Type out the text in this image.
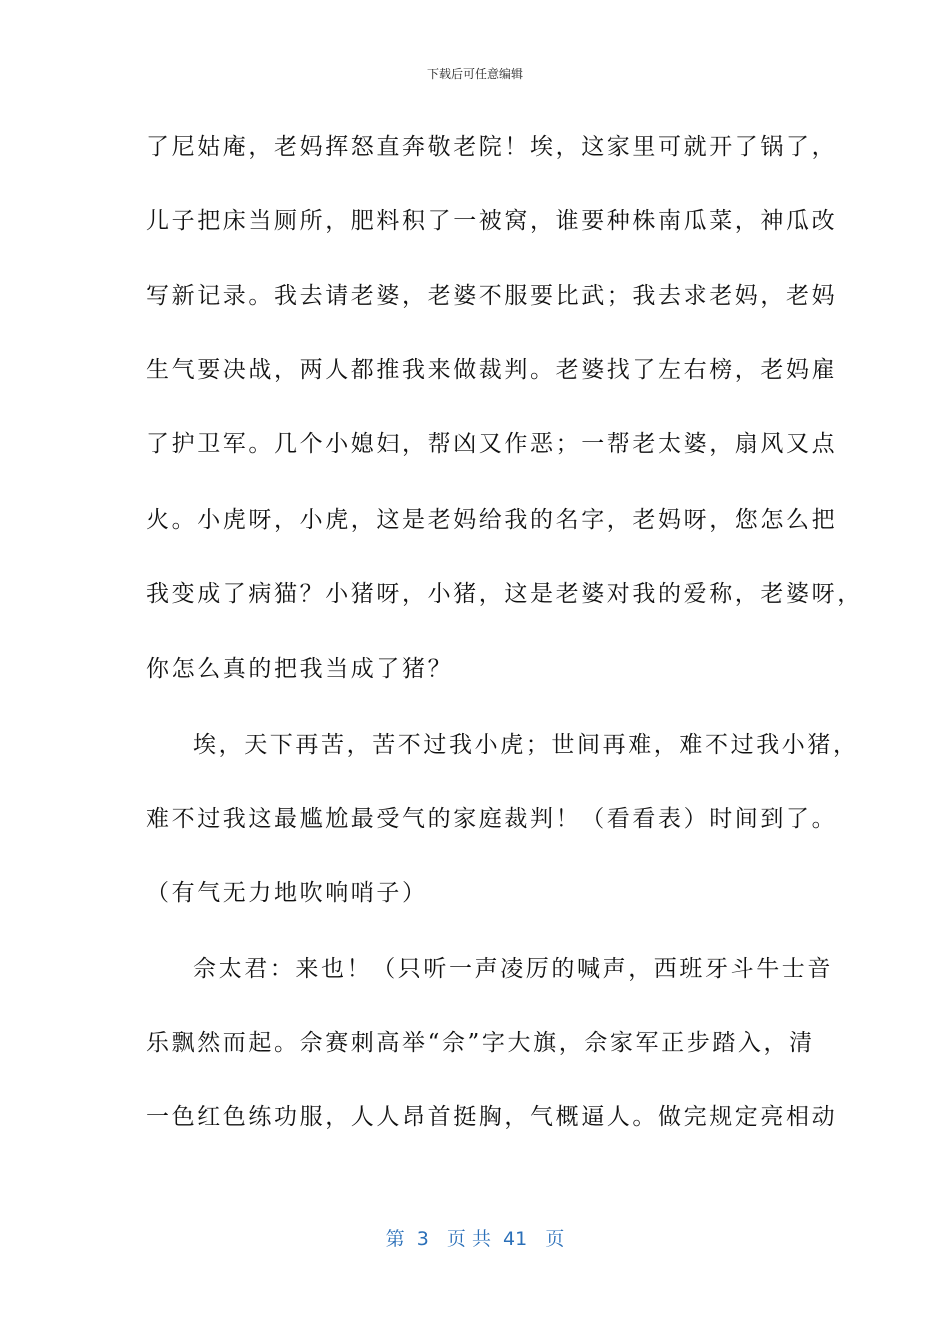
下载后可任意编辑
了尼姑庵，老妈挥怒直奔敬老院！埃，这家里可就开了锅了，
儿子把床当厕所，肥料积了一被窝，谁要种株南瓜菜，神瓜改
写新记录。我去请老婆，老婆不服要比武；我去求老妈，老妈
生气要决战，两人都推我来做裁判。老婆找了左右榜，老妈雇
了护卫军。几个小媳妇，帮凶又作恶；一帮老太婆，扇风又点
火。小虎呀，小虎，这是老妈给我的名字，老妈呀，您怎么把
我变成了病猫？小猪呀，小猪，这是老婆对我的爱称，老婆呀，
你怎么真的把我当成了猪？
埃，天下再苦，苦不过我小虎；世间再难，难不过我小猪，
难不过我这最尴尬最受气的家庭裁判！（看看表）时间到了。
（有气无力地吹响哨子）
佘太君：来也！（只听一声凌厉的喊声，西班牙斗牛士音
乐飘然而起。佘赛刺高举“佘”字大旗，佘家军正步踏入，清
一色红色练功服，人人昂首挺胸，气概逼人。做完规定亮相动
第  3   页 共  41   页
